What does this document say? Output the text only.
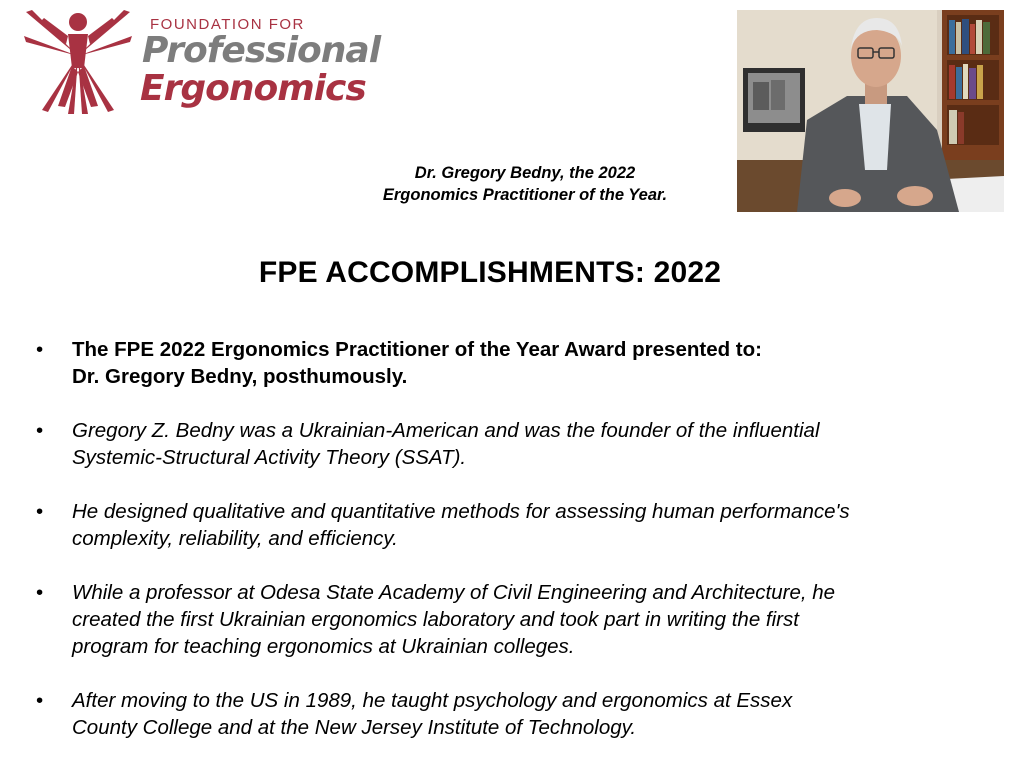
FOUNDATION FOR
Professional
Ergonomics
Dr. Gregory Bedny, the 2022
Ergonomics Practitioner of the Year.
FPE ACCOMPLISHMENTS: 2022
• The FPE 2022 Ergonomics Practitioner of the Year Award presented to:
Dr. Gregory Bedny, posthumously.
• Gregory Z. Bedny was a Ukrainian-American and was the founder of the influential
Systemic-Structural Activity Theory (SSAT).
• He designed qualitative and quantitative methods for assessing human performance's
complexity, reliability, and efficiency.
• While a professor at Odesa State Academy of Civil Engineering and Architecture, he
created the first Ukrainian ergonomics laboratory and took part in writing the first
program for teaching ergonomics at Ukrainian colleges.
• After moving to the US in 1989, he taught psychology and ergonomics at Essex
County College and at the New Jersey Institute of Technology.
